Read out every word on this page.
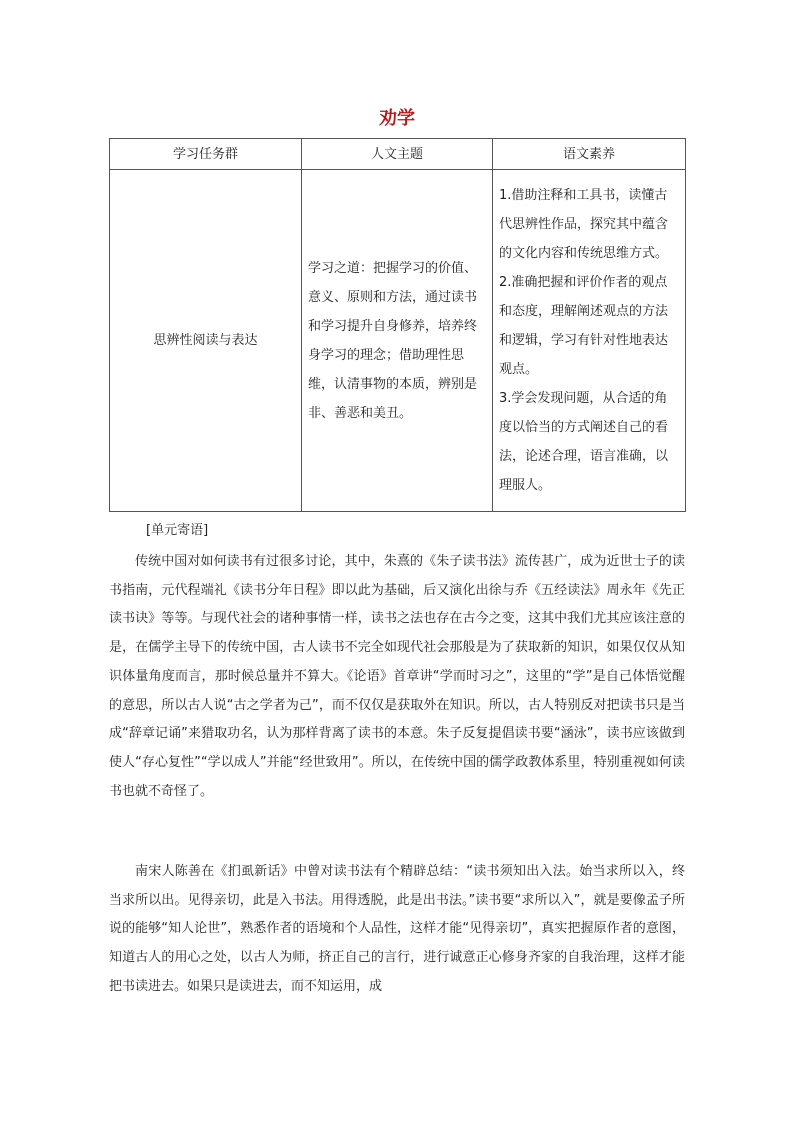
劝学
学习任务群	人文主题	语文素养
思辨性阅读与表达	学习之道：把握学习的价值、意义、原则和方法，通过读书和学习提升自身修养，培养终身学习的理念；借助理性思维，认清事物的本质，辨别是非、善恶和美丑。	1.借助注释和工具书，读懂古代思辨性作品，探究其中蕴含的文化内容和传统思维方式。
2.准确把握和评价作者的观点和态度，理解阐述观点的方法和逻辑，学习有针对性地表达观点。
3.学会发现问题，从合适的角度以恰当的方式阐述自己的看法，论述合理，语言准确，以理服人。
[单元寄语]

传统中国对如何读书有过很多讨论，其中，朱熹的《朱子读书法》流传甚广，成为近世士子的读书指南，元代程端礼《读书分年日程》即以此为基础，后又演化出徐与乔《五经读法》周永年《先正读书诀》等等。与现代社会的诸种事情一样，读书之法也存在古今之变，这其中我们尤其应该注意的是，在儒学主导下的传统中国，古人读书不完全如现代社会那般是为了获取新的知识，如果仅仅从知识体量角度而言，那时候总量并不算大。《论语》首章讲“学而时习之”，这里的“学”是自己体悟觉醒的意思，所以古人说“古之学者为己”，而不仅仅是获取外在知识。所以，古人特别反对把读书只是当成“辞章记诵”来猎取功名，认为那样背离了读书的本意。朱子反复提倡读书要“涵泳”，读书应该做到使人“存心复性”“学以成人”并能“经世致用”。所以，在传统中国的儒学政教体系里，特别重视如何读书也就不奇怪了。

南宋人陈善在《扪虱新话》中曾对读书法有个精辟总结：“读书须知出入法。始当求所以入，终当求所以出。见得亲切，此是入书法。用得透脱，此是出书法。”读书要“求所以入”，就是要像孟子所说的能够“知人论世”，熟悉作者的语境和个人品性，这样才能“见得亲切”，真实把握原作者的意图，知道古人的用心之处，以古人为师，挤正自己的言行，进行诚意正心修身齐家的自我治理，这样才能把书读进去。如果只是读进去，而不知运用，成
